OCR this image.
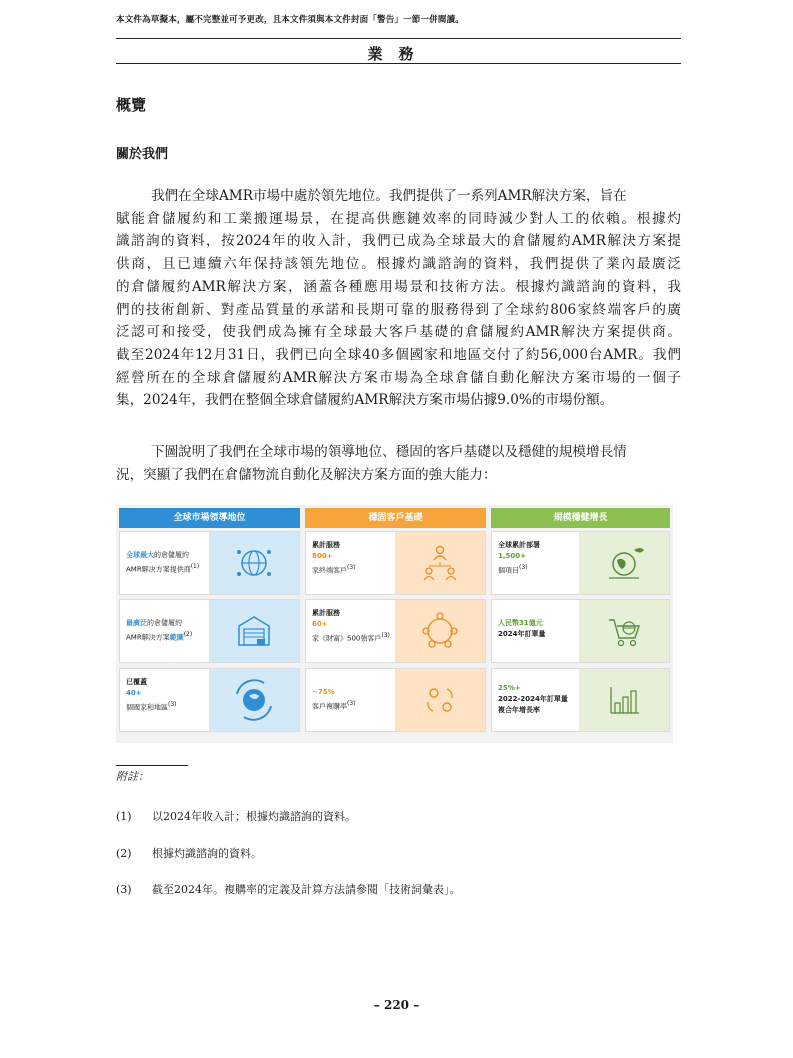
本文件為草擬本，屬不完整並可予更改，且本文件須與本文件封面「警告」一節一併閱讀。
業務
概覽
關於我們
我們在全球AMR市場中處於領先地位。我們提供了一系列AMR解決方案，旨在
賦能倉儲履約和工業搬運場景，在提高供應鏈效率的同時減少對人工的依賴。根據灼
識諮詢的資料，按2024年的收入計，我們已成為全球最大的倉儲履約AMR解決方案提
供商，且已連續六年保持該領先地位。根據灼識諮詢的資料，我們提供了業內最廣泛
的倉儲履約AMR解決方案，涵蓋各種應用場景和技術方法。根據灼識諮詢的資料，我
們的技術創新、對產品質量的承諾和長期可靠的服務得到了全球約806家終端客戶的廣
泛認可和接受，使我們成為擁有全球最大客戶基礎的倉儲履約AMR解決方案提供商。
截至2024年12月31日，我們已向全球40多個國家和地區交付了約56,000台AMR。我們
經營所在的全球倉儲履約AMR解決方案市場為全球倉儲自動化解決方案市場的一個子
集，2024年，我們在整個全球倉儲履約AMR解決方案市場佔據9.0%的市場份額。
下圖說明了我們在全球市場的領導地位、穩固的客戶基礎以及穩健的規模增長情
況，突顯了我們在倉儲物流自動化及解決方案方面的強大能力：
全球市場領導地位	穩固客戶基礎	規模穩健增長
全球最大的倉儲履約
AMR解決方案提供商$^{(1)}$
最廣泛的倉儲履約
AMR解決方案範圍$^{(2)}$
已覆蓋
40+
個國家和地區$^{(3)}$
累計服務
800+
家終端客戶$^{(3)}$
累計服務
60+
家《財富》500強客戶$^{(3)}$
~75%
客戶複購率$^{(3)}$
全球累計部署
1,500+
個項目$^{(3)}$
人民幣31億元
2024年訂單量
25%+
2022-2024年訂單量
複合年增長率
附註：
(1) 以2024年收入計；根據灼識諮詢的資料。
(2) 根據灼識諮詢的資料。
(3) 截至2024年。複購率的定義及計算方法請參閱「技術詞彙表」。
– 220 –
